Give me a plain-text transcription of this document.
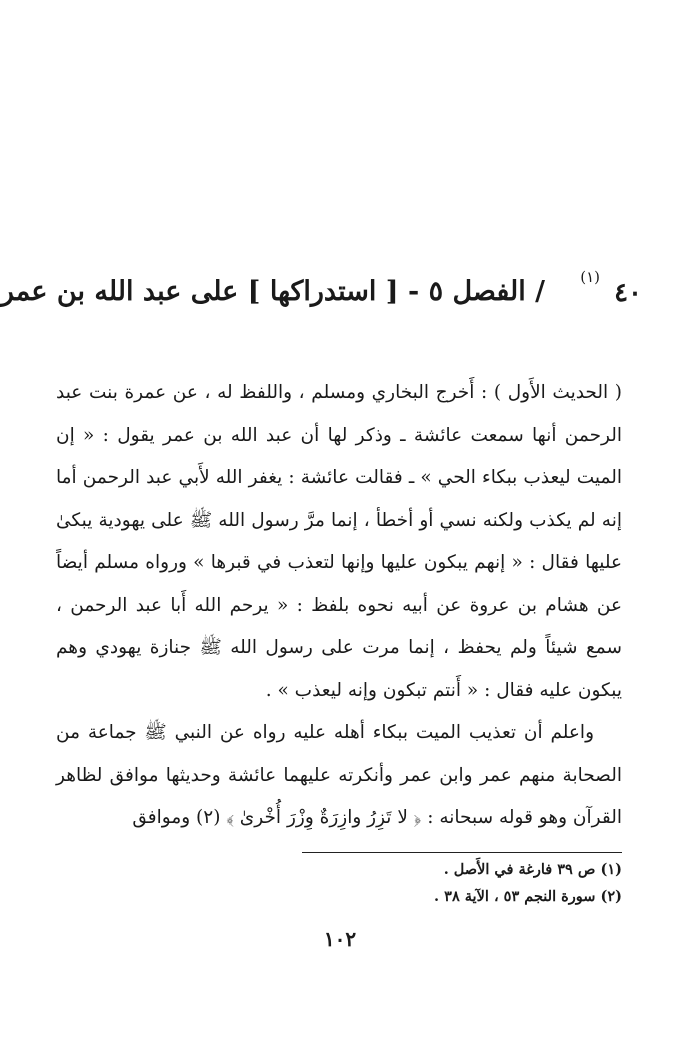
٤٠
(١)
/ الفصل ٥ - [ استدراكها ] على عبد الله بن عمر

( الحديث الأَول ) : أَخرج البخاري ومسلم ، واللفظ له ، عن عمرة بنت عبد الرحمن أنها سمعت عائشة ـ وذكر لها أن عبد الله بن عمر يقول : « إن الميت ليعذب ببكاء الحي » ـ فقالت عائشة : يغفر الله لأَبي عبد الرحمن أما إنه لم يكذب ولكنه نسي أو أخطأ ، إنما مرَّ رسول الله ﷺ على يهودية يبكىٰ عليها فقال : « إنهم يبكون عليها وإنها لتعذب في قبرها » ورواه مسلم أيضاً عن هشام بن عروة عن أبيه نحوه بلفظ : « يرحم الله أَبا عبد الرحمن ، سمع شيئاً ولم يحفظ ، إنما مرت على رسول الله ﷺ جنازة يهودي وهم يبكون عليه فقال : « أَنتم تبكون وإنه ليعذب » .

واعلم أن تعذيب الميت ببكاء أهله عليه رواه عن النبي ﷺ جماعة من الصحابة منهم عمر وابن عمر وأنكرته عليهما عائشة وحديثها موافق لظاهر القرآن وهو قوله سبحانه : ﴿ لا تَزِرُ وازِرَةٌ وِزْرَ أُخْرىٰ ﴾ (٢) وموافق

(١) ص ٣٩ فارغة في الأَصل .
(٢) سورة النجم ٥٣ ، الآية ٣٨ .
١٠٢
